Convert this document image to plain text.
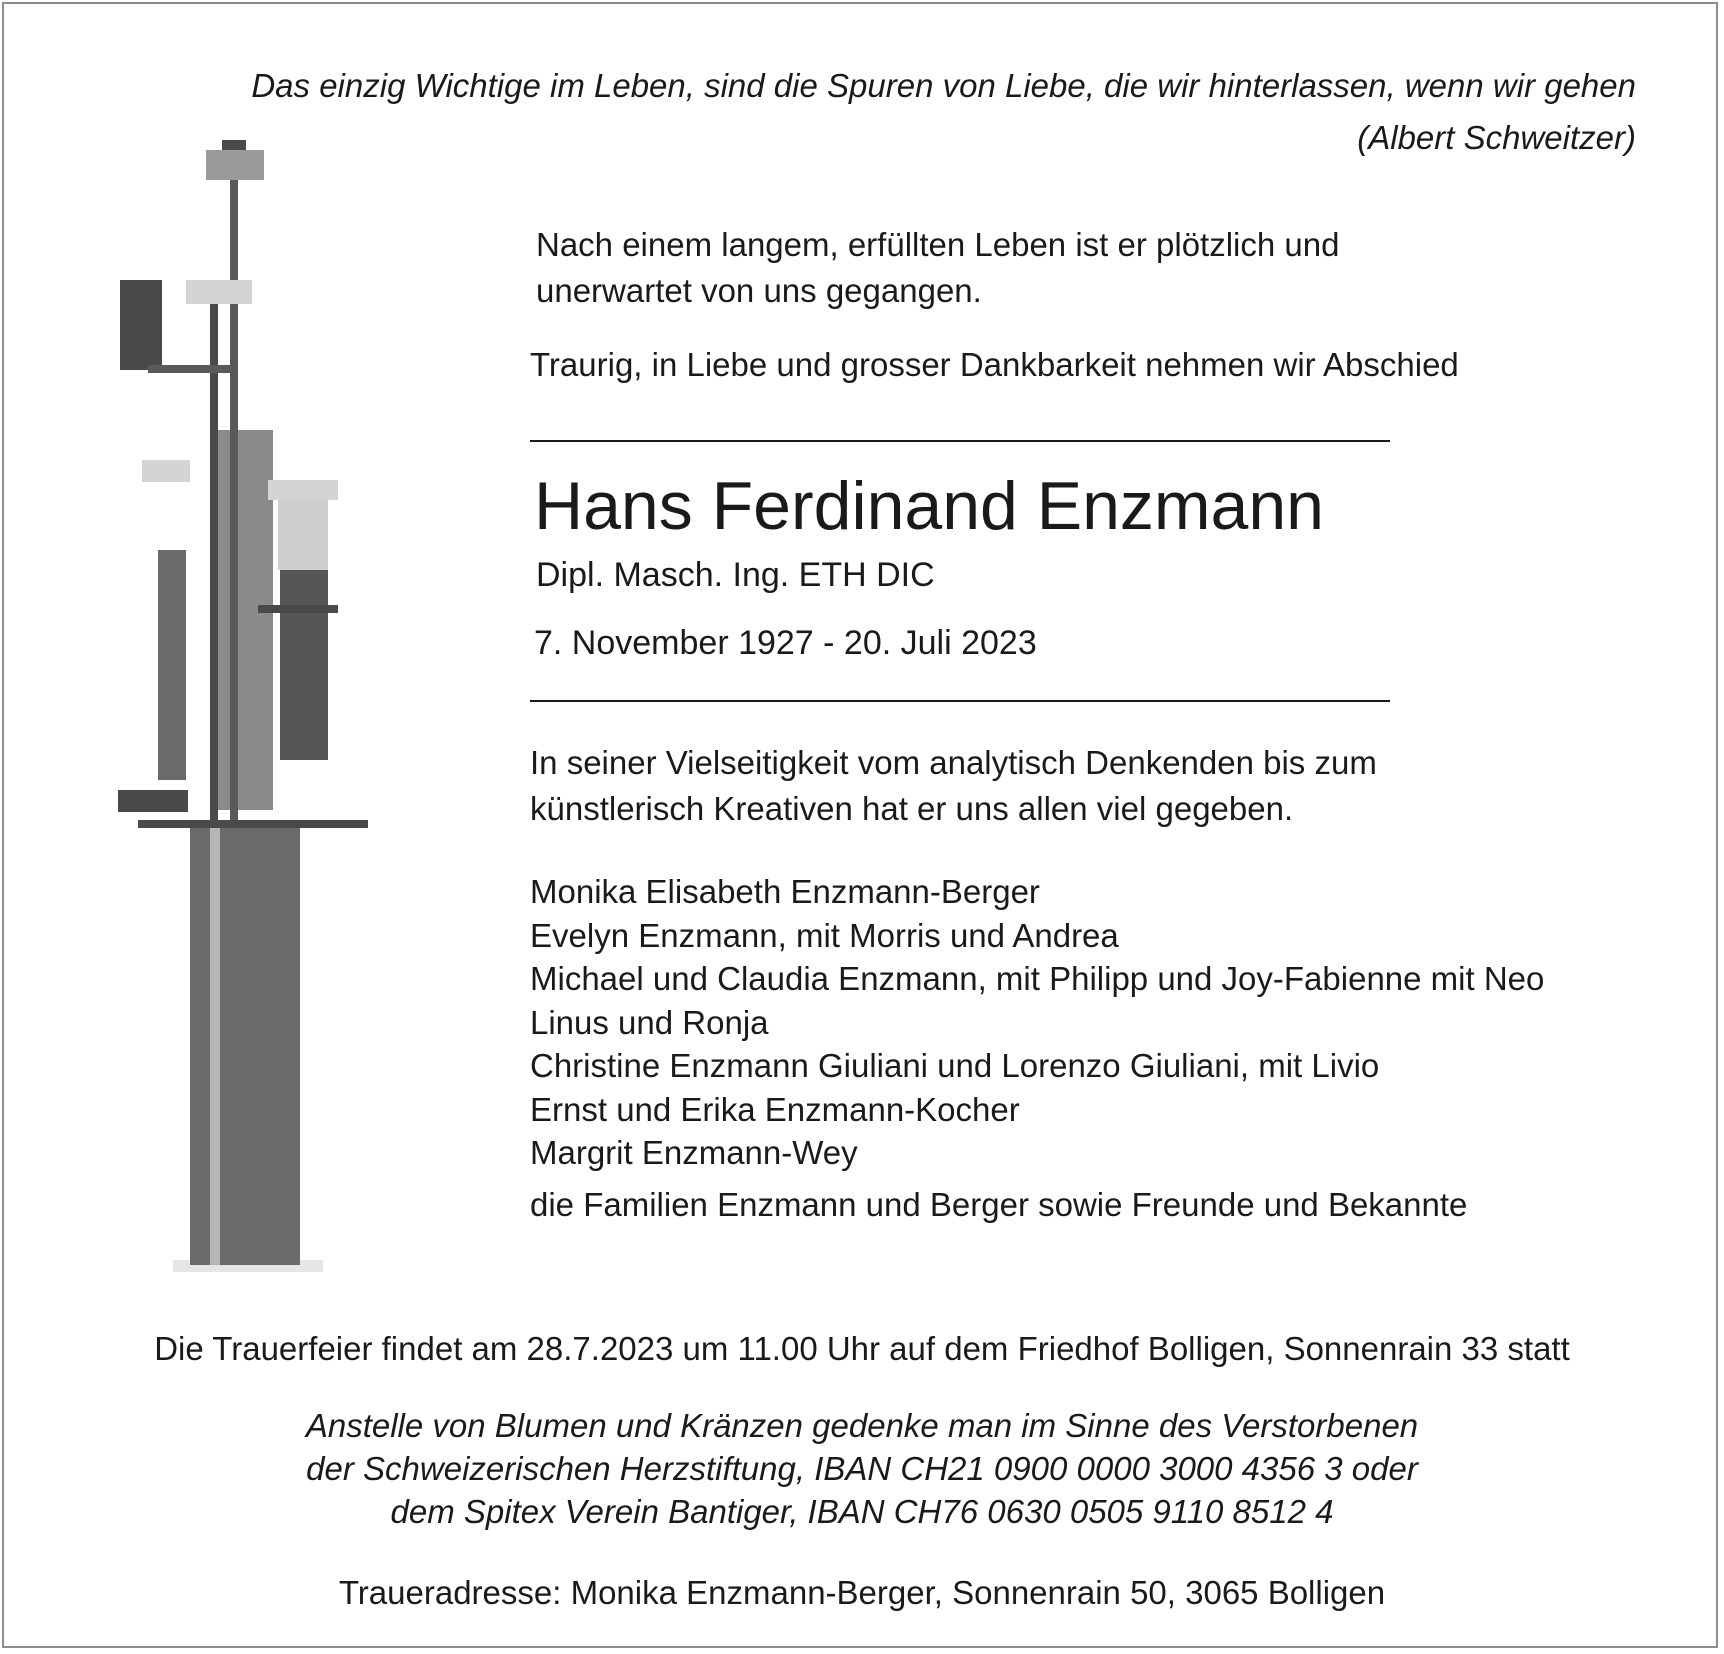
Das einzig Wichtige im Leben, sind die Spuren von Liebe, die wir hinterlassen, wenn wir gehen
(Albert Schweitzer)
Nach einem langem, erfüllten Leben ist er plötzlich und
unerwartet von uns gegangen.
Traurig, in Liebe und grosser Dankbarkeit nehmen wir Abschied
Hans Ferdinand Enzmann
Dipl. Masch. Ing. ETH DIC
7. November 1927 - 20. Juli 2023
In seiner Vielseitigkeit vom analytisch Denkenden bis zum
künstlerisch Kreativen hat er uns allen viel gegeben.
Monika Elisabeth Enzmann-Berger
Evelyn Enzmann, mit Morris und Andrea
Michael und Claudia Enzmann, mit Philipp und Joy-Fabienne mit Neo
Linus und Ronja
Christine Enzmann Giuliani und Lorenzo Giuliani, mit Livio
Ernst und Erika Enzmann-Kocher
Margrit Enzmann-Wey
die Familien Enzmann und Berger sowie Freunde und Bekannte
Die Trauerfeier findet am 28.7.2023 um 11.00 Uhr auf dem Friedhof Bolligen, Sonnenrain 33 statt
Anstelle von Blumen und Kränzen gedenke man im Sinne des Verstorbenen
der Schweizerischen Herzstiftung, IBAN CH21 0900 0000 3000 4356 3 oder
dem Spitex Verein Bantiger, IBAN CH76 0630 0505 9110 8512 4
Traueradresse: Monika Enzmann-Berger, Sonnenrain 50, 3065 Bolligen
